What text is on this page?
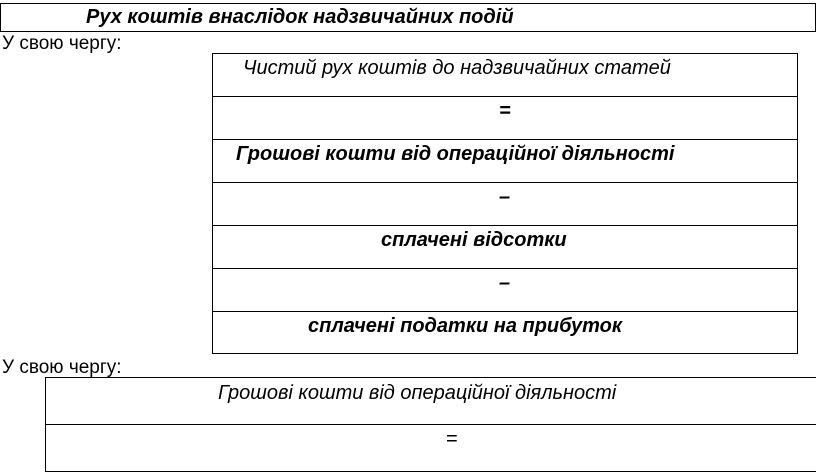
Рух коштів внаслідок надзвичайних подій
У свою чергу:
Чистий рух коштів до надзвичайних статей
=
Грошові кошти від операційної діяльності
–
сплачені відсотки
–
сплачені податки на прибуток
У свою чергу:
Грошові кошти від операційної діяльності
=
